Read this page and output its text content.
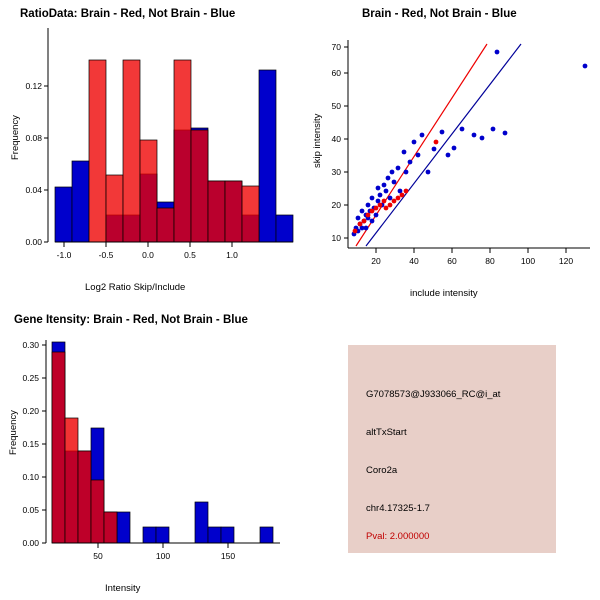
RatioData: Brain - Red, Not Brain - Blue
Frequency
Log2 Ratio Skip/Include
0.00
0.04
0.08
0.12
-1.0	-0.5	0.0	0.5	1.0
Brain - Red, Not Brain - Blue
skip intensity
include intensity
10
20
30
40
50
60
70
20	40	60	80	100	120
Gene Itensity: Brain - Red, Not Brain - Blue
Frequency
Intensity
0.00
0.05
0.10
0.15
0.20
0.25
0.30
50	100	150
G7078573@J933066_RC@i_at
altTxStart
Coro2a
chr4.17325-1.7
Pval: 2.000000
